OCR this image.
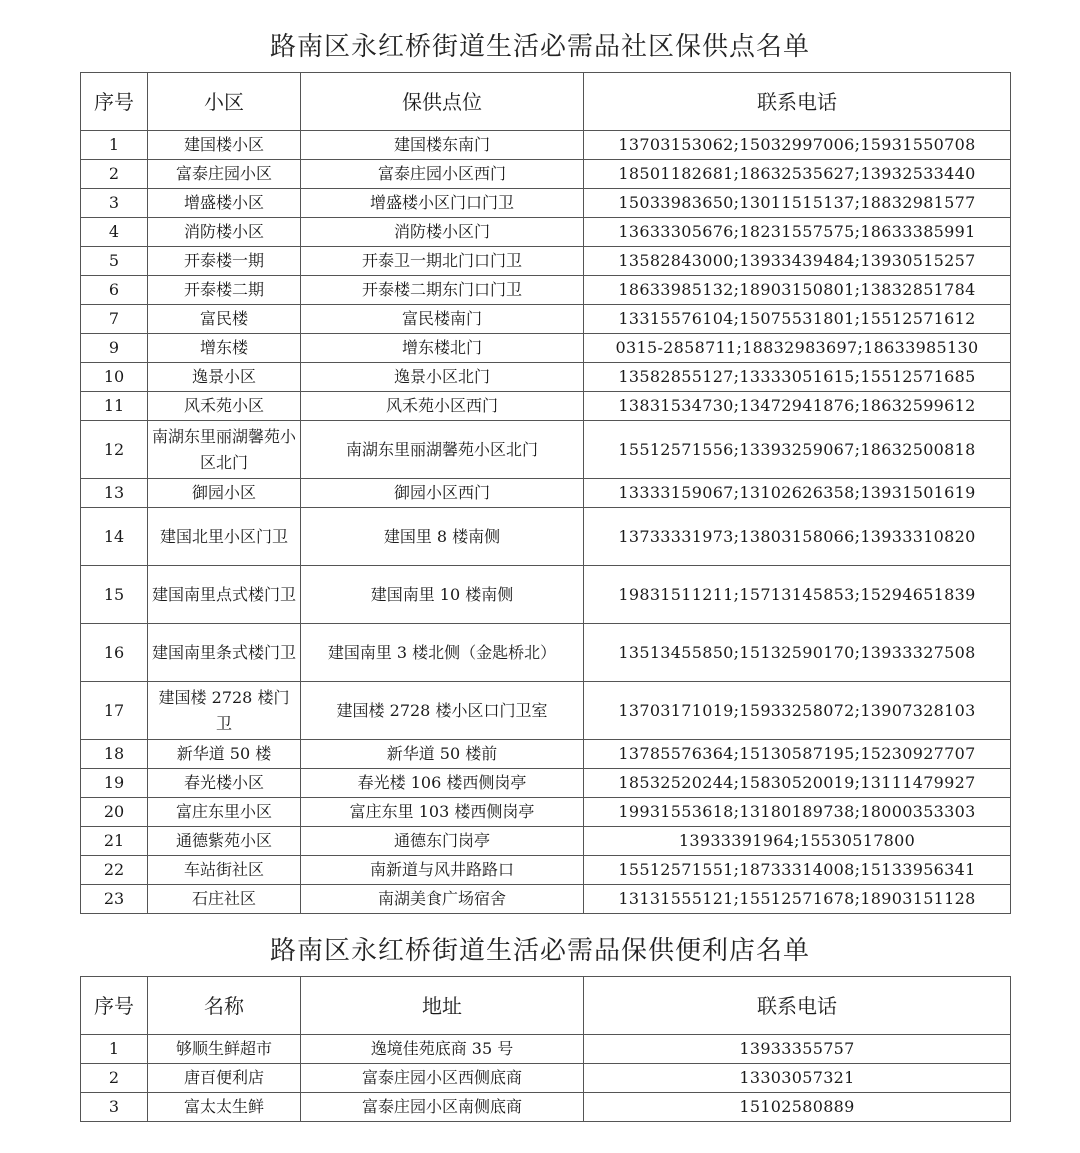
路南区永红桥街道生活必需品社区保供点名单
序号	小区	保供点位	联系电话
1	建国楼小区	建国楼东南门	13703153062;15032997006;15931550708
2	富泰庄园小区	富泰庄园小区西门	18501182681;18632535627;13932533440
3	增盛楼小区	增盛楼小区门口门卫	15033983650;13011515137;18832981577
4	消防楼小区	消防楼小区门	13633305676;18231557575;18633385991
5	开泰楼一期	开泰卫一期北门口门卫	13582843000;13933439484;13930515257
6	开泰楼二期	开泰楼二期东门口门卫	18633985132;18903150801;13832851784
7	富民楼	富民楼南门	13315576104;15075531801;15512571612
9	增东楼	增东楼北门	0315-2858711;18832983697;18633985130
10	逸景小区	逸景小区北门	13582855127;13333051615;15512571685
11	风禾苑小区	风禾苑小区西门	13831534730;13472941876;18632599612
12	南湖东里丽湖馨苑小区北门	南湖东里丽湖馨苑小区北门	15512571556;13393259067;18632500818
13	御园小区	御园小区西门	13333159067;13102626358;13931501619
14	建国北里小区门卫	建国里 8 楼南侧	13733331973;13803158066;13933310820
15	建国南里点式楼门卫	建国南里 10 楼南侧	19831511211;15713145853;15294651839
16	建国南里条式楼门卫	建国南里 3 楼北侧（金匙桥北）	13513455850;15132590170;13933327508
17	建国楼 2728 楼门卫	建国楼 2728 楼小区口门卫室	13703171019;15933258072;13907328103
18	新华道 50 楼	新华道 50 楼前	13785576364;15130587195;15230927707
19	春光楼小区	春光楼 106 楼西侧岗亭	18532520244;15830520019;13111479927
20	富庄东里小区	富庄东里 103 楼西侧岗亭	19931553618;13180189738;18000353303
21	通德紫苑小区	通德东门岗亭	13933391964;15530517800
22	车站街社区	南新道与风井路路口	15512571551;18733314008;15133956341
23	石庄社区	南湖美食广场宿舍	13131555121;15512571678;18903151128
路南区永红桥街道生活必需品保供便利店名单
序号	名称	地址	联系电话
1	够顺生鲜超市	逸境佳苑底商 35 号	13933355757
2	唐百便利店	富泰庄园小区西侧底商	13303057321
3	富太太生鲜	富泰庄园小区南侧底商	15102580889
